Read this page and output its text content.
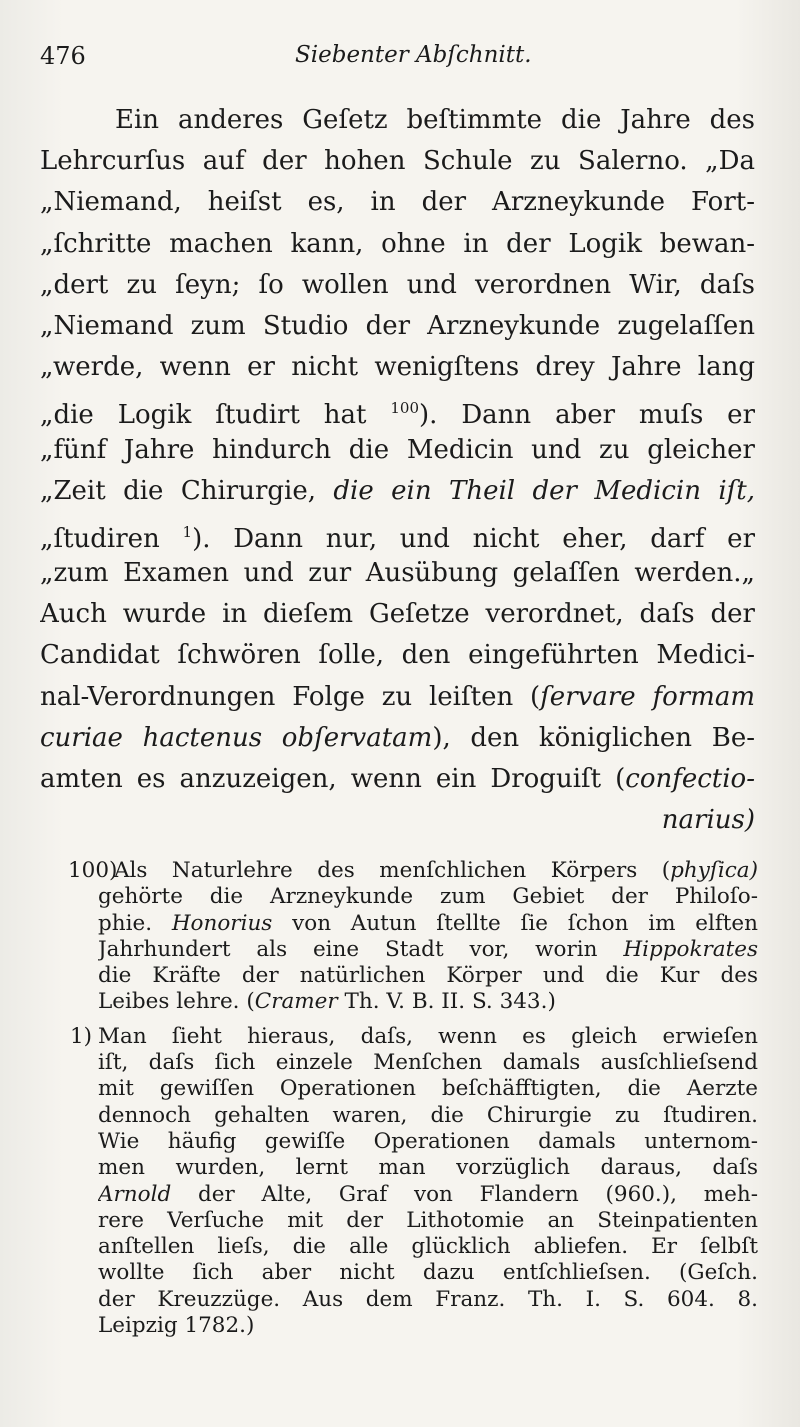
476	Siebenter Abſchnitt.
Ein anderes Geſetz beſtimmte die Jahre des
Lehrcurſus auf der hohen Schule zu Salerno. „Da
„Niemand, heiſst es, in der Arzneykunde Fort-
„ſchritte machen kann, ohne in der Logik bewan-
„dert zu ſeyn; ſo wollen und verordnen Wir, daſs
„Niemand zum Studio der Arzneykunde zugelaſſen
„werde, wenn er nicht wenigſtens drey Jahre lang
„die Logik ſtudirt hat $^{100}$). Dann aber muſs er
„fünf Jahre hindurch die Medicin und zu gleicher
„Zeit die Chirurgie, die ein Theil der Medicin iſt,
„ſtudiren $^1$). Dann nur, und nicht eher, darf er
„zum Examen und zur Ausübung gelaſſen werden.„
Auch wurde in dieſem Geſetze verordnet, daſs der
Candidat ſchwören ſolle, den eingeführten Medici-
nal-Verordnungen Folge zu leiſten (ſervare formam
curiae hactenus obſervatam), den königlichen Be-
amten es anzuzeigen, wenn ein Droguiſt (confectio-
narius)
100)
Als Naturlehre des menſchlichen Körpers (phyſica)
gehörte die Arzneykunde zum Gebiet der Philoſo-
phie. Honorius von Autun ſtellte ſie ſchon im elften
Jahrhundert als eine Stadt vor, worin Hippokrates
die Kräfte der natürlichen Körper und die Kur des
Leibes lehre. (Cramer Th. V. B. II. S. 343.)
1) Man ſieht hieraus, daſs, wenn es gleich erwieſen
iſt, daſs ſich einzele Menſchen damals ausſchlieſsend
mit gewiſſen Operationen beſchäfftigten, die Aerzte
dennoch gehalten waren, die Chirurgie zu ſtudiren.
Wie häufig gewiſſe Operationen damals unternom-
men wurden, lernt man vorzüglich daraus, daſs
Arnold der Alte, Graf von Flandern (960.), meh-
rere Verſuche mit der Lithotomie an Steinpatienten
anſtellen lieſs, die alle glücklich abliefen. Er ſelbſt
wollte ſich aber nicht dazu entſchlieſsen. (Geſch.
der Kreuzzüge. Aus dem Franz. Th. I. S. 604. 8.
Leipzig 1782.)
